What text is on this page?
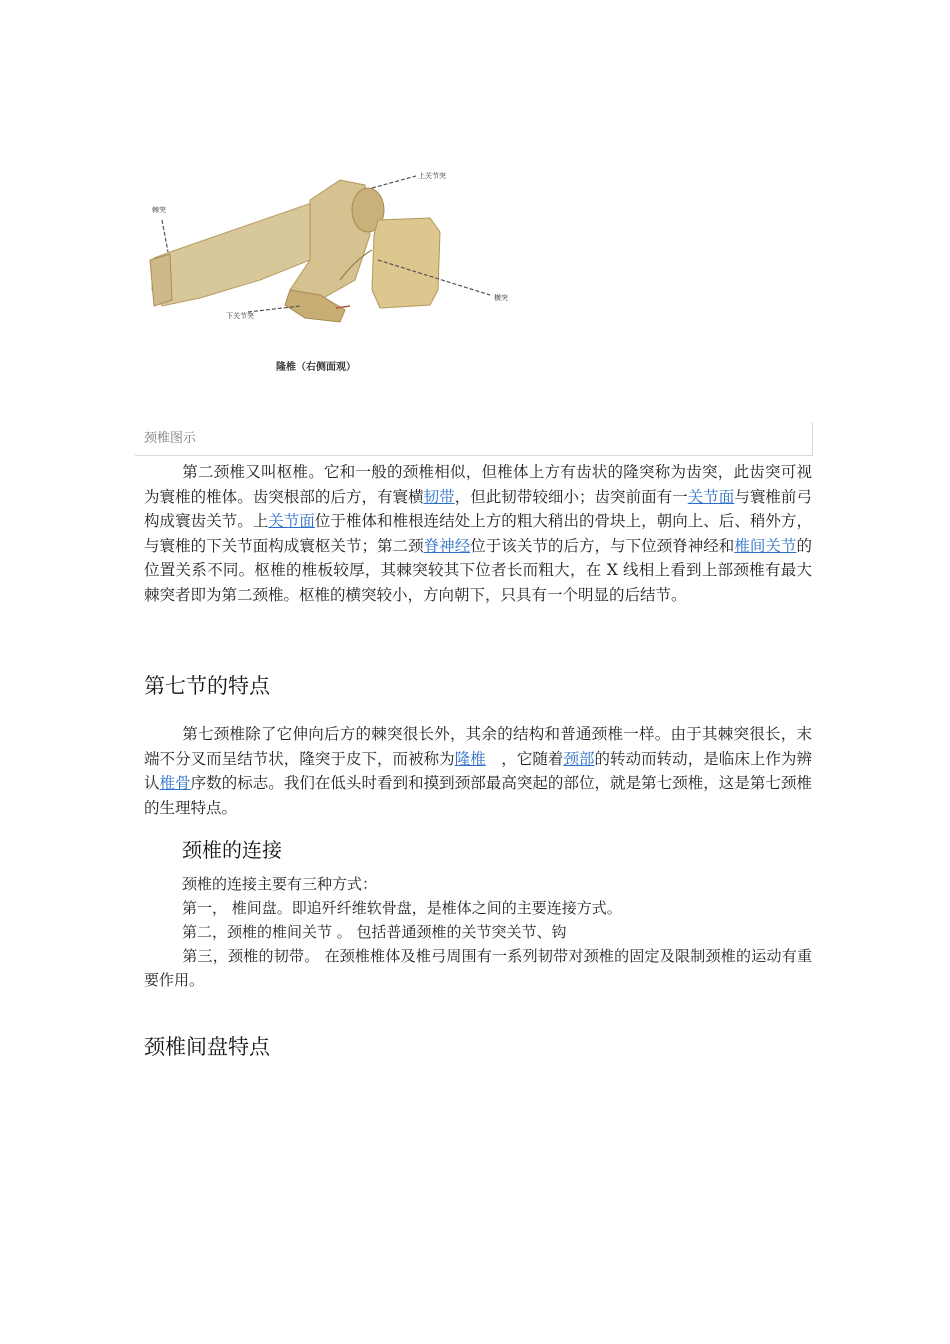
上关节突
棘突
横突
下关节突
隆椎（右侧面观）
颈椎图示

第二颈椎又叫枢椎。它和一般的颈椎相似，但椎体上方有齿状的隆突称为齿突，此齿突可视为寰椎的椎体。齿突根部的后方，有寰横韧带，但此韧带较细小；齿突前面有一关节面与寰椎前弓构成寰齿关节。上关节面位于椎体和椎根连结处上方的粗大稍出的骨块上，朝向上、后、稍外方，与寰椎的下关节面构成寰枢关节；第二颈脊神经位于该关节的后方，与下位颈脊神经和椎间关节的位置关系不同。枢椎的椎板较厚，其棘突较其下位者长而粗大，在 X 线相上看到上部颈椎有最大棘突者即为第二颈椎。枢椎的横突较小，方向朝下，只具有一个明显的后结节。

第七节的特点

第七颈椎除了它伸向后方的棘突很长外，其余的结构和普通颈椎一样。由于其棘突很长，末端不分叉而呈结节状，隆突于皮下，而被称为隆椎　，它随着颈部的转动而转动，是临床上作为辨认椎骨序数的标志。我们在低头时看到和摸到颈部最高突起的部位，就是第七颈椎，这是第七颈椎的生理特点。

颈椎的连接

颈椎的连接主要有三种方式：

第一， 椎间盘。即追歼纤维软骨盘，是椎体之间的主要连接方式。

第二，颈椎的椎间关节 。 包括普通颈椎的关节突关节、钩

第三，颈椎的韧带。 在颈椎椎体及椎弓周围有一系列韧带对颈椎的固定及限制颈椎的运动有重要作用。

颈椎间盘特点
